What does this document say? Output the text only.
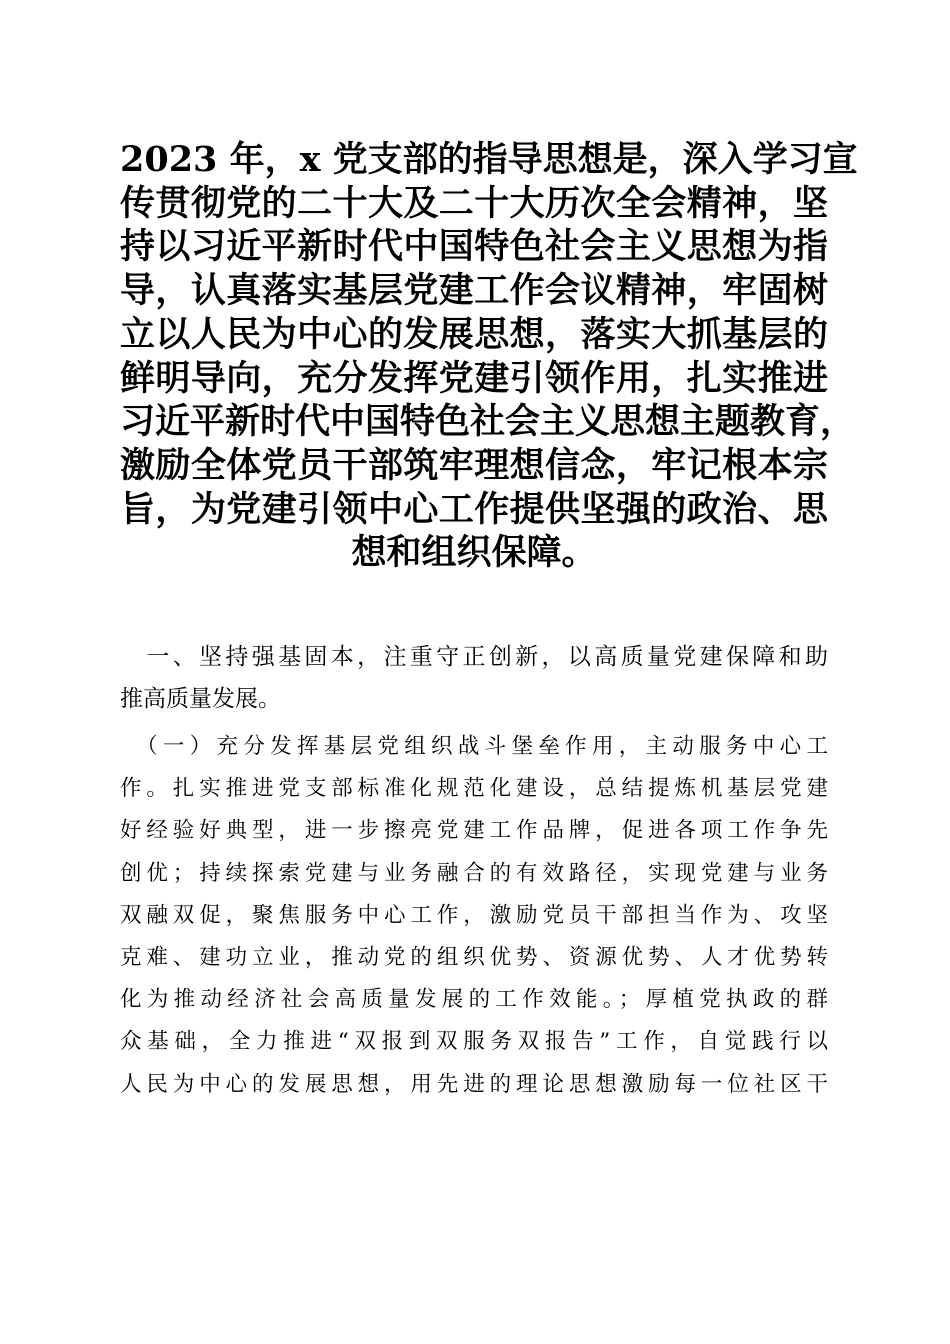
2023 年，x 党支部的指导思想是，深入学习宣
传贯彻党的二十大及二十大历次全会精神，坚
持以习近平新时代中国特色社会主义思想为指
导，认真落实基层党建工作会议精神，牢固树
立以人民为中心的发展思想，落实大抓基层的
鲜明导向，充分发挥党建引领作用，扎实推进
习近平新时代中国特色社会主义思想主题教育，
激励全体党员干部筑牢理想信念，牢记根本宗
旨，为党建引领中心工作提供坚强的政治、思
想和组织保障。
　一、坚持强基固本，注重守正创新，以高质量党建保障和助
推高质量发展。
　（一）充分发挥基层党组织战斗堡垒作用，主动服务中心工
作。扎实推进党支部标准化规范化建设，总结提炼机基层党建
好经验好典型，进一步擦亮党建工作品牌，促进各项工作争先
创优；持续探索党建与业务融合的有效路径，实现党建与业务
双融双促，聚焦服务中心工作，激励党员干部担当作为、攻坚
克难、建功立业，推动党的组织优势、资源优势、人才优势转
化为推动经济社会高质量发展的工作效能。；厚植党执政的群
众基础，全力推进“双报到双服务双报告”工作，自觉践行以
人民为中心的发展思想，用先进的理论思想激励每一位社区干
